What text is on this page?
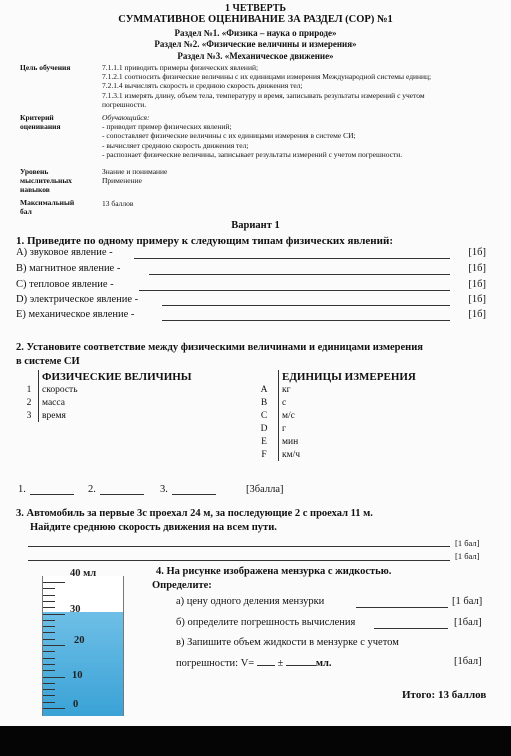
1 ЧЕТВЕРТЬ
СУММАТИВНОЕ ОЦЕНИВАНИЕ ЗА РАЗДЕЛ (СОР) №1
Раздел №1. «Физика – наука о природе»
Раздел №2. «Физические величины и измерения»
Раздел №3. «Механическое движение»
Цель обучения	7.1.1.1 приводить примеры физических явлений;
7.1.2.1 соотносить физические величины с их единицами измерения Международной системы единиц;
7.2.1.4 вычислять скорость и среднюю скорость движения тел;
7.1.3.1 измерять длину, объем тела, температуру и время, записывать результаты измерений с учетом
погрешности.
Критерий
оценивания
Обучающийся:
- приводит пример физических явлений;
- сопоставляет физические величины с их единицами измерения в системе СИ;
- вычисляет среднюю скорость движения тел;
- распознает физические величины, записывает результаты измерений с учетом погрешности.
Уровень
мыслительных
навыков
Знание и понимание
Применение
Максимальный
бал
13 баллов
Вариант 1
1. Приведите по одному примеру к следующим типам физических явлений:
A) звуковое явление -	[1б]
B) магнитное явление -	[1б]
C) тепловое явление -	[1б]
D) электрическое явление -	[1б]
E) механическое явление -	[1б]
2. Установите соответствие между физическими величинами и единицами измерения
в системе СИ
	ФИЗИЧЕСКИЕ ВЕЛИЧИНЫ
1	скорость
2	масса
3	время
	ЕДИНИЦЫ ИЗМЕРЕНИЯ
A	кг
B	с
C	м/с
D	г
E	мин
F	км/ч
1.	2.	3.	[3балла]
3. Автомобиль за первые 3с проехал 24 м, за последующие 2 с проехал 11 м.
Найдите среднюю скорость движения на всем пути.
[1 бал]
[1 бал]
40 мл
30
20
10
0
4. На рисунке изображена мензурка с жидкостью.
Определите:
а) цену одного деления мензурки	[1 бал]
б) определите погрешность вычисления	[1бал]
в) Запишите объем жидкости в мензурке с учетом
погрешности: V= ±	мл.	[1бал]
Итого: 13 баллов
